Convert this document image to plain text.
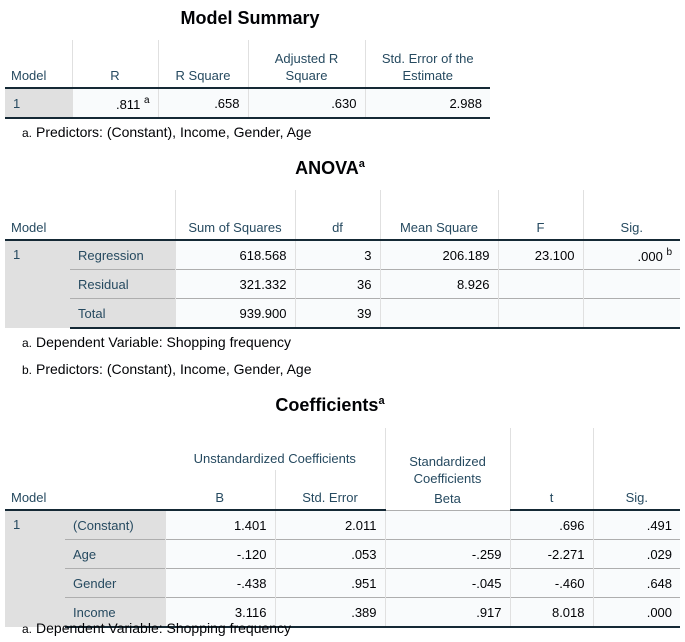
Model Summary
Model	R	R Square	Adjusted R Square	Std. Error of the Estimate
1	.811 $^a$	.658	.630	2.988
a. Predictors: (Constant), Income, Gender, Age
ANOVA$^a$
Model		Sum of Squares	df	Mean Square	F	Sig.
1	Regression	618.568	3	206.189	23.100	.000 $^b$
	Residual	321.332	36	8.926		
	Total	939.900	39			
a. Dependent Variable: Shopping frequency
b. Predictors: (Constant), Income, Gender, Age
Coefficients$^a$
		Unstandardized Coefficients		Standardized Coefficients
Beta		

Model		B	Std. Error		t	Sig.
1	(Constant)	1.401	2.011		.696	.491
	Age	-.120	.053	-.259	-2.271	.029
	Gender	-.438	.951	-.045	-.460	.648
	Income	3.116	.389	.917	8.018	.000
a. Dependent Variable: Shopping frequency
